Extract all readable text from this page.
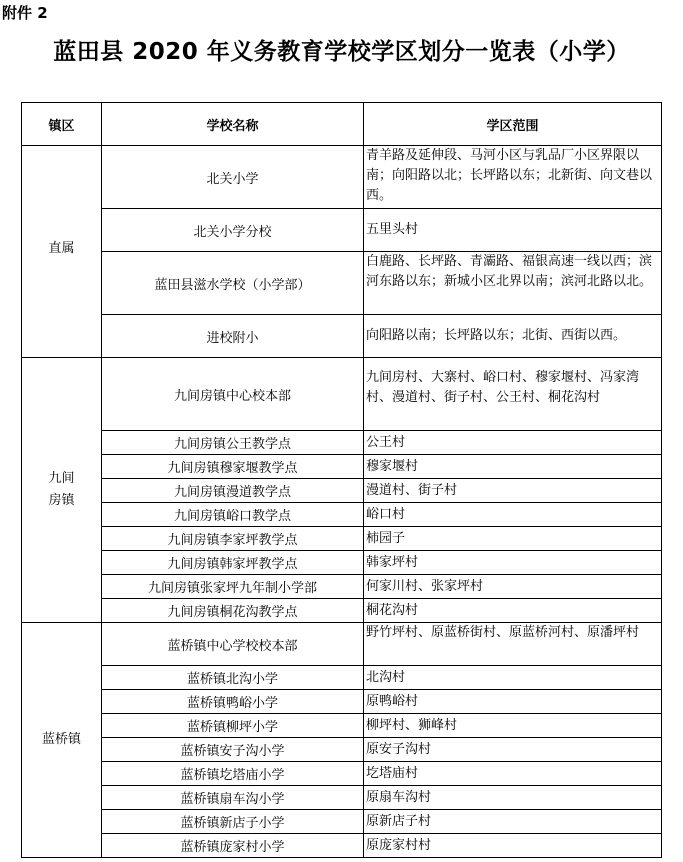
附件 2
蓝田县 2020 年义务教育学校学区划分一览表（小学）
镇区	学校名称	学区范围
直属	北关小学	青羊路及延伸段、马河小区与乳品厂小区界限以南；向阳路以北；长坪路以东；北新街、向文巷以西。
	北关小学分校	五里头村
	蓝田县滋水学校（小学部）	白鹿路、长坪路、青灞路、福银高速一线以西；滨河东路以东；新城小区北界以南；滨河北路以北。
	进校附小	向阳路以南；长坪路以东；北街、西街以西。

九间房镇	九间房镇中心校本部	九间房村、大寨村、峪口村、穆家堰村、冯家湾村、漫道村、街子村、公王村、桐花沟村
	九间房镇公王教学点	公王村
	九间房镇穆家堰教学点	穆家堰村
	九间房镇漫道教学点	漫道村、街子村
	九间房镇峪口教学点	峪口村
	九间房镇李家坪教学点	柿园子
	九间房镇韩家坪教学点	韩家坪村
	九间房镇张家坪九年制小学部	何家川村、张家坪村
	九间房镇桐花沟教学点	桐花沟村
蓝桥镇	蓝桥镇中心学校校本部	野竹坪村、原蓝桥街村、原蓝桥河村、原潘坪村
	蓝桥镇北沟小学	北沟村
	蓝桥镇鸭峪小学	原鸭峪村
	蓝桥镇柳坪小学	柳坪村、狮峰村
	蓝桥镇安子沟小学	原安子沟村
	蓝桥镇圪塔庙小学	圪塔庙村
	蓝桥镇扇车沟小学	原扇车沟村
	蓝桥镇新店子小学	原新店子村
	蓝桥镇庞家村小学	原庞家村村
